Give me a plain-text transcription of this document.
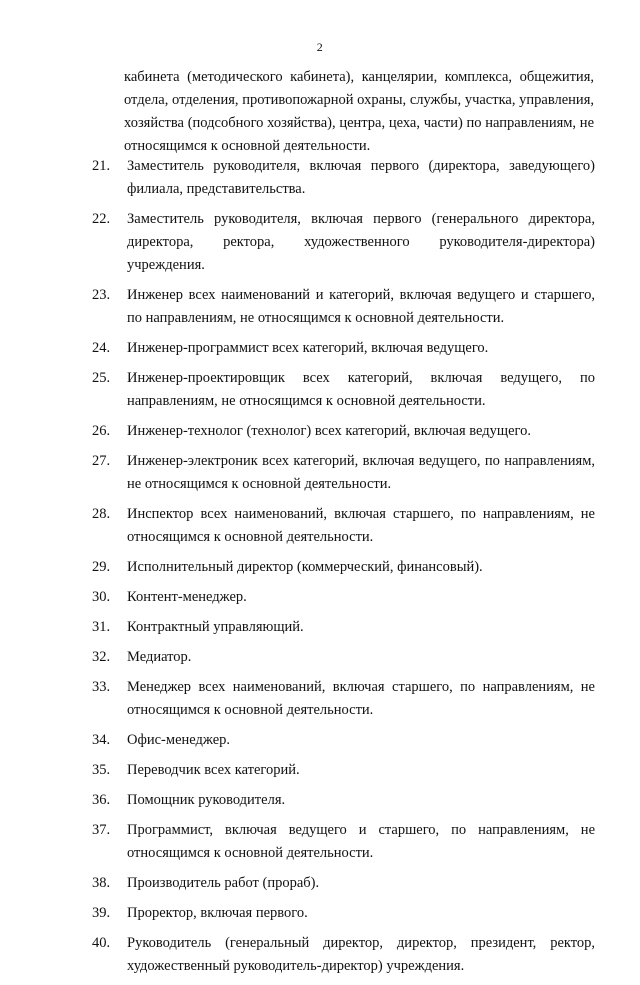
2
кабинета (методического кабинета), канцелярии, комплекса, общежития, отдела, отделения, противопожарной охраны, службы, участка, управления, хозяйства (подсобного хозяйства), центра, цеха, части) по направлениям, не относящимся к основной деятельности.
21.	Заместитель руководителя, включая первого (директора, заведующего) филиала, представительства.
22.	Заместитель руководителя, включая первого (генерального директора, директора, ректора, художественного руководителя-директора) учреждения.
23.	Инженер всех наименований и категорий, включая ведущего и старшего, по направлениям, не относящимся к основной деятельности.
24.	Инженер-программист всех категорий, включая ведущего.
25.	Инженер-проектировщик всех категорий, включая ведущего, по направлениям, не относящимся к основной деятельности.
26.	Инженер-технолог (технолог) всех категорий, включая ведущего.
27.	Инженер-электроник всех категорий, включая ведущего, по направлениям, не относящимся к основной деятельности.
28.	Инспектор всех наименований, включая старшего, по направлениям, не относящимся к основной деятельности.
29.	Исполнительный директор (коммерческий, финансовый).
30.	Контент-менеджер.
31.	Контрактный управляющий.
32.	Медиатор.
33.	Менеджер всех наименований, включая старшего, по направлениям, не относящимся к основной деятельности.
34.	Офис-менеджер.
35.	Переводчик всех категорий.
36.	Помощник руководителя.
37.	Программист, включая ведущего и старшего, по направлениям, не относящимся к основной деятельности.
38.	Производитель работ (прораб).
39.	Проректор, включая первого.
40.	Руководитель (генеральный директор, директор, президент, ректор, художественный руководитель-директор) учреждения.
